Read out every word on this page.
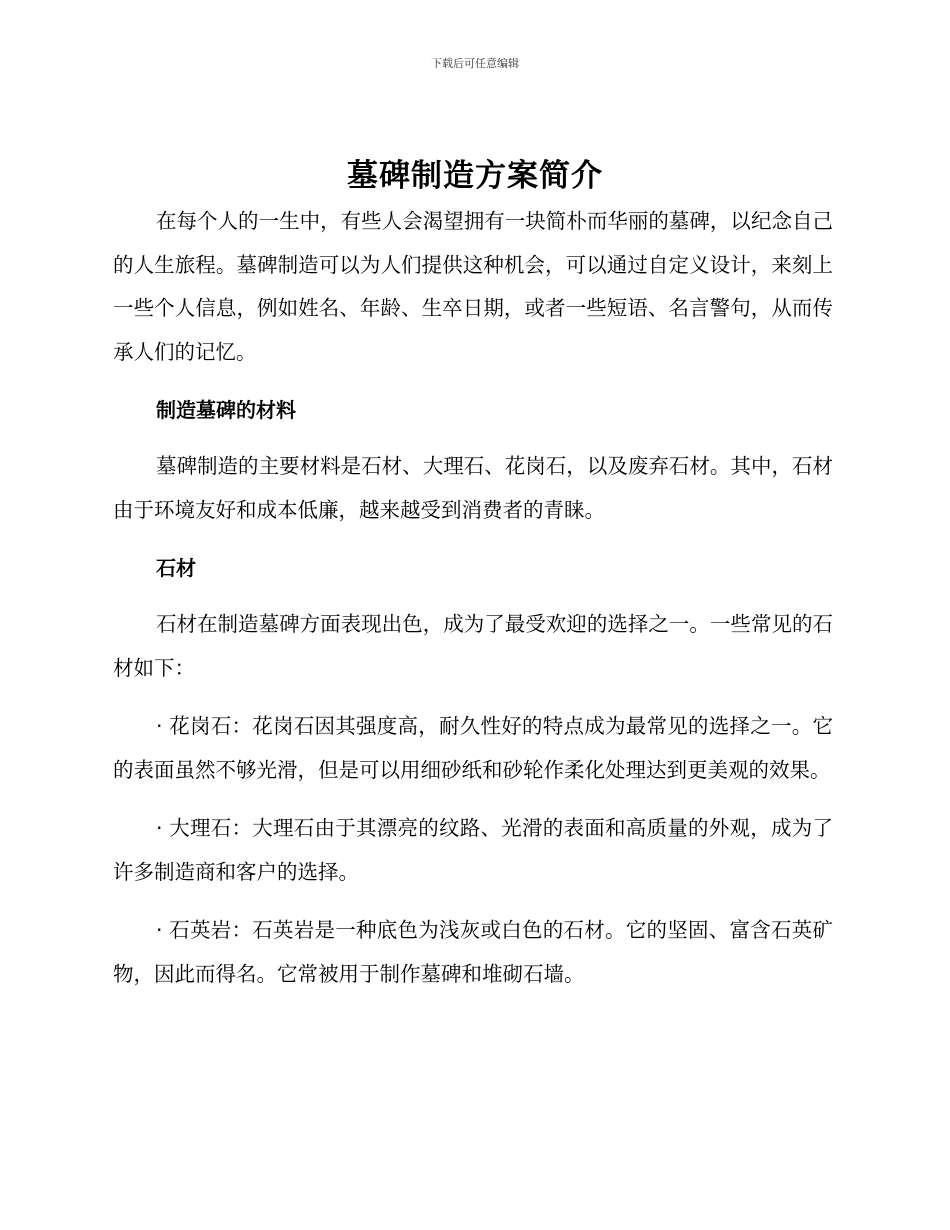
下载后可任意编辑
墓碑制造方案简介

在每个人的一生中，有些人会渴望拥有一块简朴而华丽的墓碑，以纪念自己的人生旅程。墓碑制造可以为人们提供这种机会，可以通过自定义设计，来刻上一些个人信息，例如姓名、年龄、生卒日期，或者一些短语、名言警句，从而传承人们的记忆。

制造墓碑的材料

墓碑制造的主要材料是石材、大理石、花岗石，以及废弃石材。其中，石材由于环境友好和成本低廉，越来越受到消费者的青睐。

石材

石材在制造墓碑方面表现出色，成为了最受欢迎的选择之一。一些常见的石材如下：

· 花岗石：花岗石因其强度高，耐久性好的特点成为最常见的选择之一。它的表面虽然不够光滑，但是可以用细砂纸和砂轮作柔化处理达到更美观的效果。

· 大理石：大理石由于其漂亮的纹路、光滑的表面和高质量的外观，成为了许多制造商和客户的选择。

· 石英岩：石英岩是一种底色为浅灰或白色的石材。它的坚固、富含石英矿物，因此而得名。它常被用于制作墓碑和堆砌石墙。
